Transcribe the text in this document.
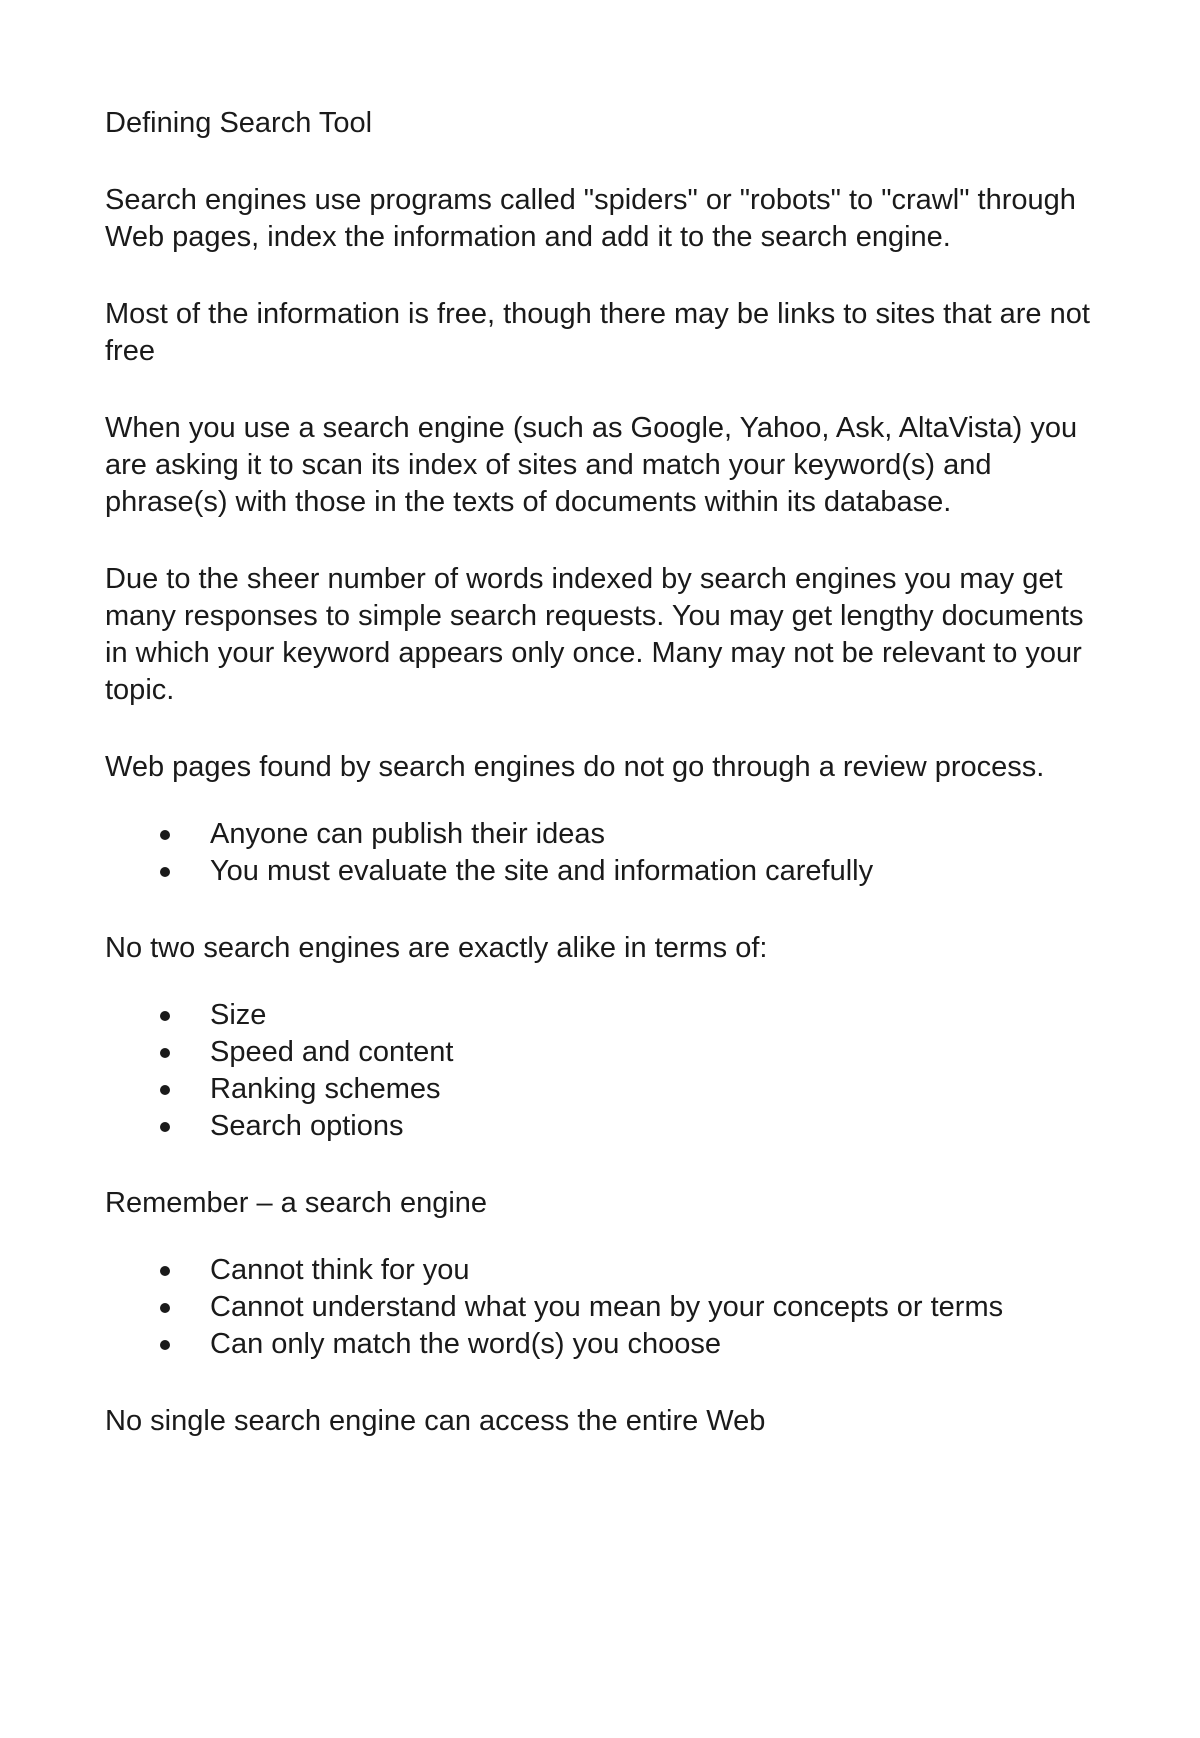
Defining Search Tool

Search engines use programs called "spiders" or "robots" to "crawl" through Web pages, index the information and add it to the search engine.

Most of the information is free, though there may be links to sites that are not free

When you use a search engine (such as Google, Yahoo, Ask, AltaVista) you are asking it to scan its index of sites and match your keyword(s) and phrase(s) with those in the texts of documents within its database.

Due to the sheer number of words indexed by search engines you may get many responses to simple search requests. You may get lengthy documents in which your keyword appears only once. Many may not be relevant to your topic.

Web pages found by search engines do not go through a review process.

Anyone can publish their ideas
You must evaluate the site and information carefully

No two search engines are exactly alike in terms of:

Size
Speed and content
Ranking schemes
Search options

Remember – a search engine

Cannot think for you
Cannot understand what you mean by your concepts or terms
Can only match the word(s) you choose

No single search engine can access the entire Web
